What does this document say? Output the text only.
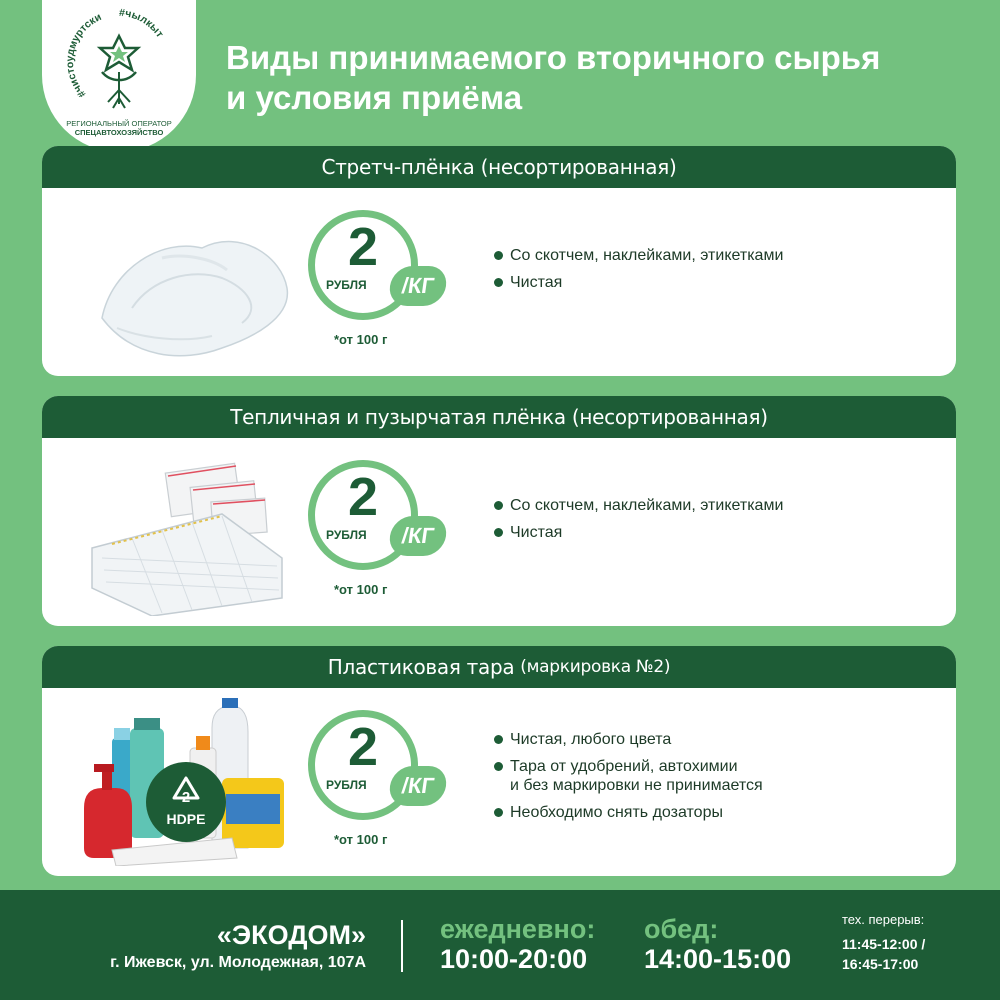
#чистоудмуртски #чылкыт
РЕГИОНАЛЬНЫЙ ОПЕРАТОР
СПЕЦАВТОХОЗЯЙСТВО
Виды принимаемого вторичного сырья
и условия приёма
Стретч-плёнка (несортированная)
2
РУБЛЯ	/КГ
*от 100 г
Со скотчем, наклейками, этикетками
Чистая
Тепличная и пузырчатая плёнка (несортированная)
2
РУБЛЯ	/КГ
*от 100 г
Со скотчем, наклейками, этикетками
Чистая
Пластиковая тара (маркировка №2)
2
HDPE
2
РУБЛЯ	/КГ
*от 100 г
Чистая, любого цвета
Тара от удобрений, автохимии
и без маркировки не принимается
Необходимо снять дозаторы
«ЭКОДОМ»
г. Ижевск, ул. Молодежная, 107А
ежедневно:
10:00-20:00
обед:
14:00-15:00
тех. перерыв:
11:45-12:00 /
16:45-17:00
